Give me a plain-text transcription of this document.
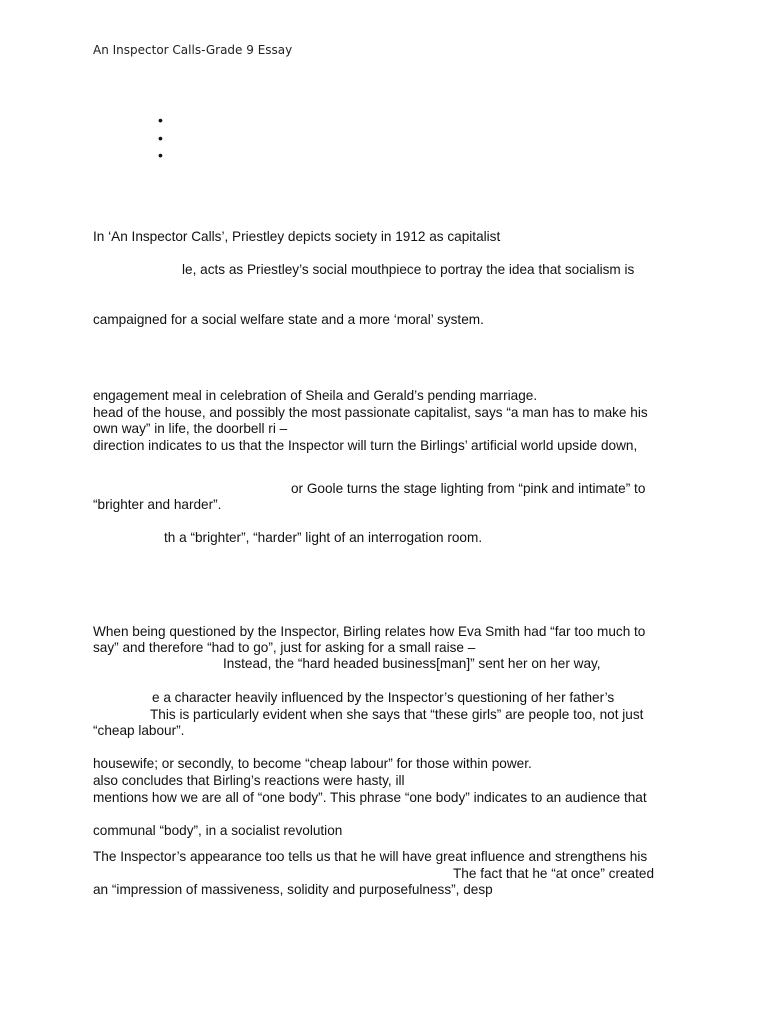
An Inspector Calls-Grade 9 Essay
•
•
•
In ‘An Inspector Calls’, Priestley depicts society in 1912 as capitalist
le, acts as Priestley’s social mouthpiece to portray the idea that socialism is
campaigned for a social welfare state and a more ‘moral’ system.
engagement meal in celebration of Sheila and Gerald’s pending marriage.
head of the house, and possibly the most passionate capitalist, says “a man has to make his
own way” in life, the doorbell ri –
direction indicates to us that the Inspector will turn the Birlings’ artificial world upside down,
or Goole turns the stage lighting from “pink and intimate” to
“brighter and harder”.
th a “brighter”, “harder” light of an interrogation room.
When being questioned by the Inspector, Birling relates how Eva Smith had “far too much to
say” and therefore “had to go”, just for asking for a small raise –
Instead, the “hard headed business[man]” sent her on her way,
e a character heavily influenced by the Inspector’s questioning of her father’s
This is particularly evident when she says that “these girls” are people too, not just
“cheap labour”.
housewife; or secondly, to become “cheap labour” for those within power.
also concludes that Birling’s reactions were hasty, ill
mentions how we are all of “one body”. This phrase “one body” indicates to an audience that
communal “body”, in a socialist revolution
The Inspector’s appearance too tells us that he will have great influence and strengthens his
The fact that he “at once” created
an “impression of massiveness, solidity and purposefulness”, desp
